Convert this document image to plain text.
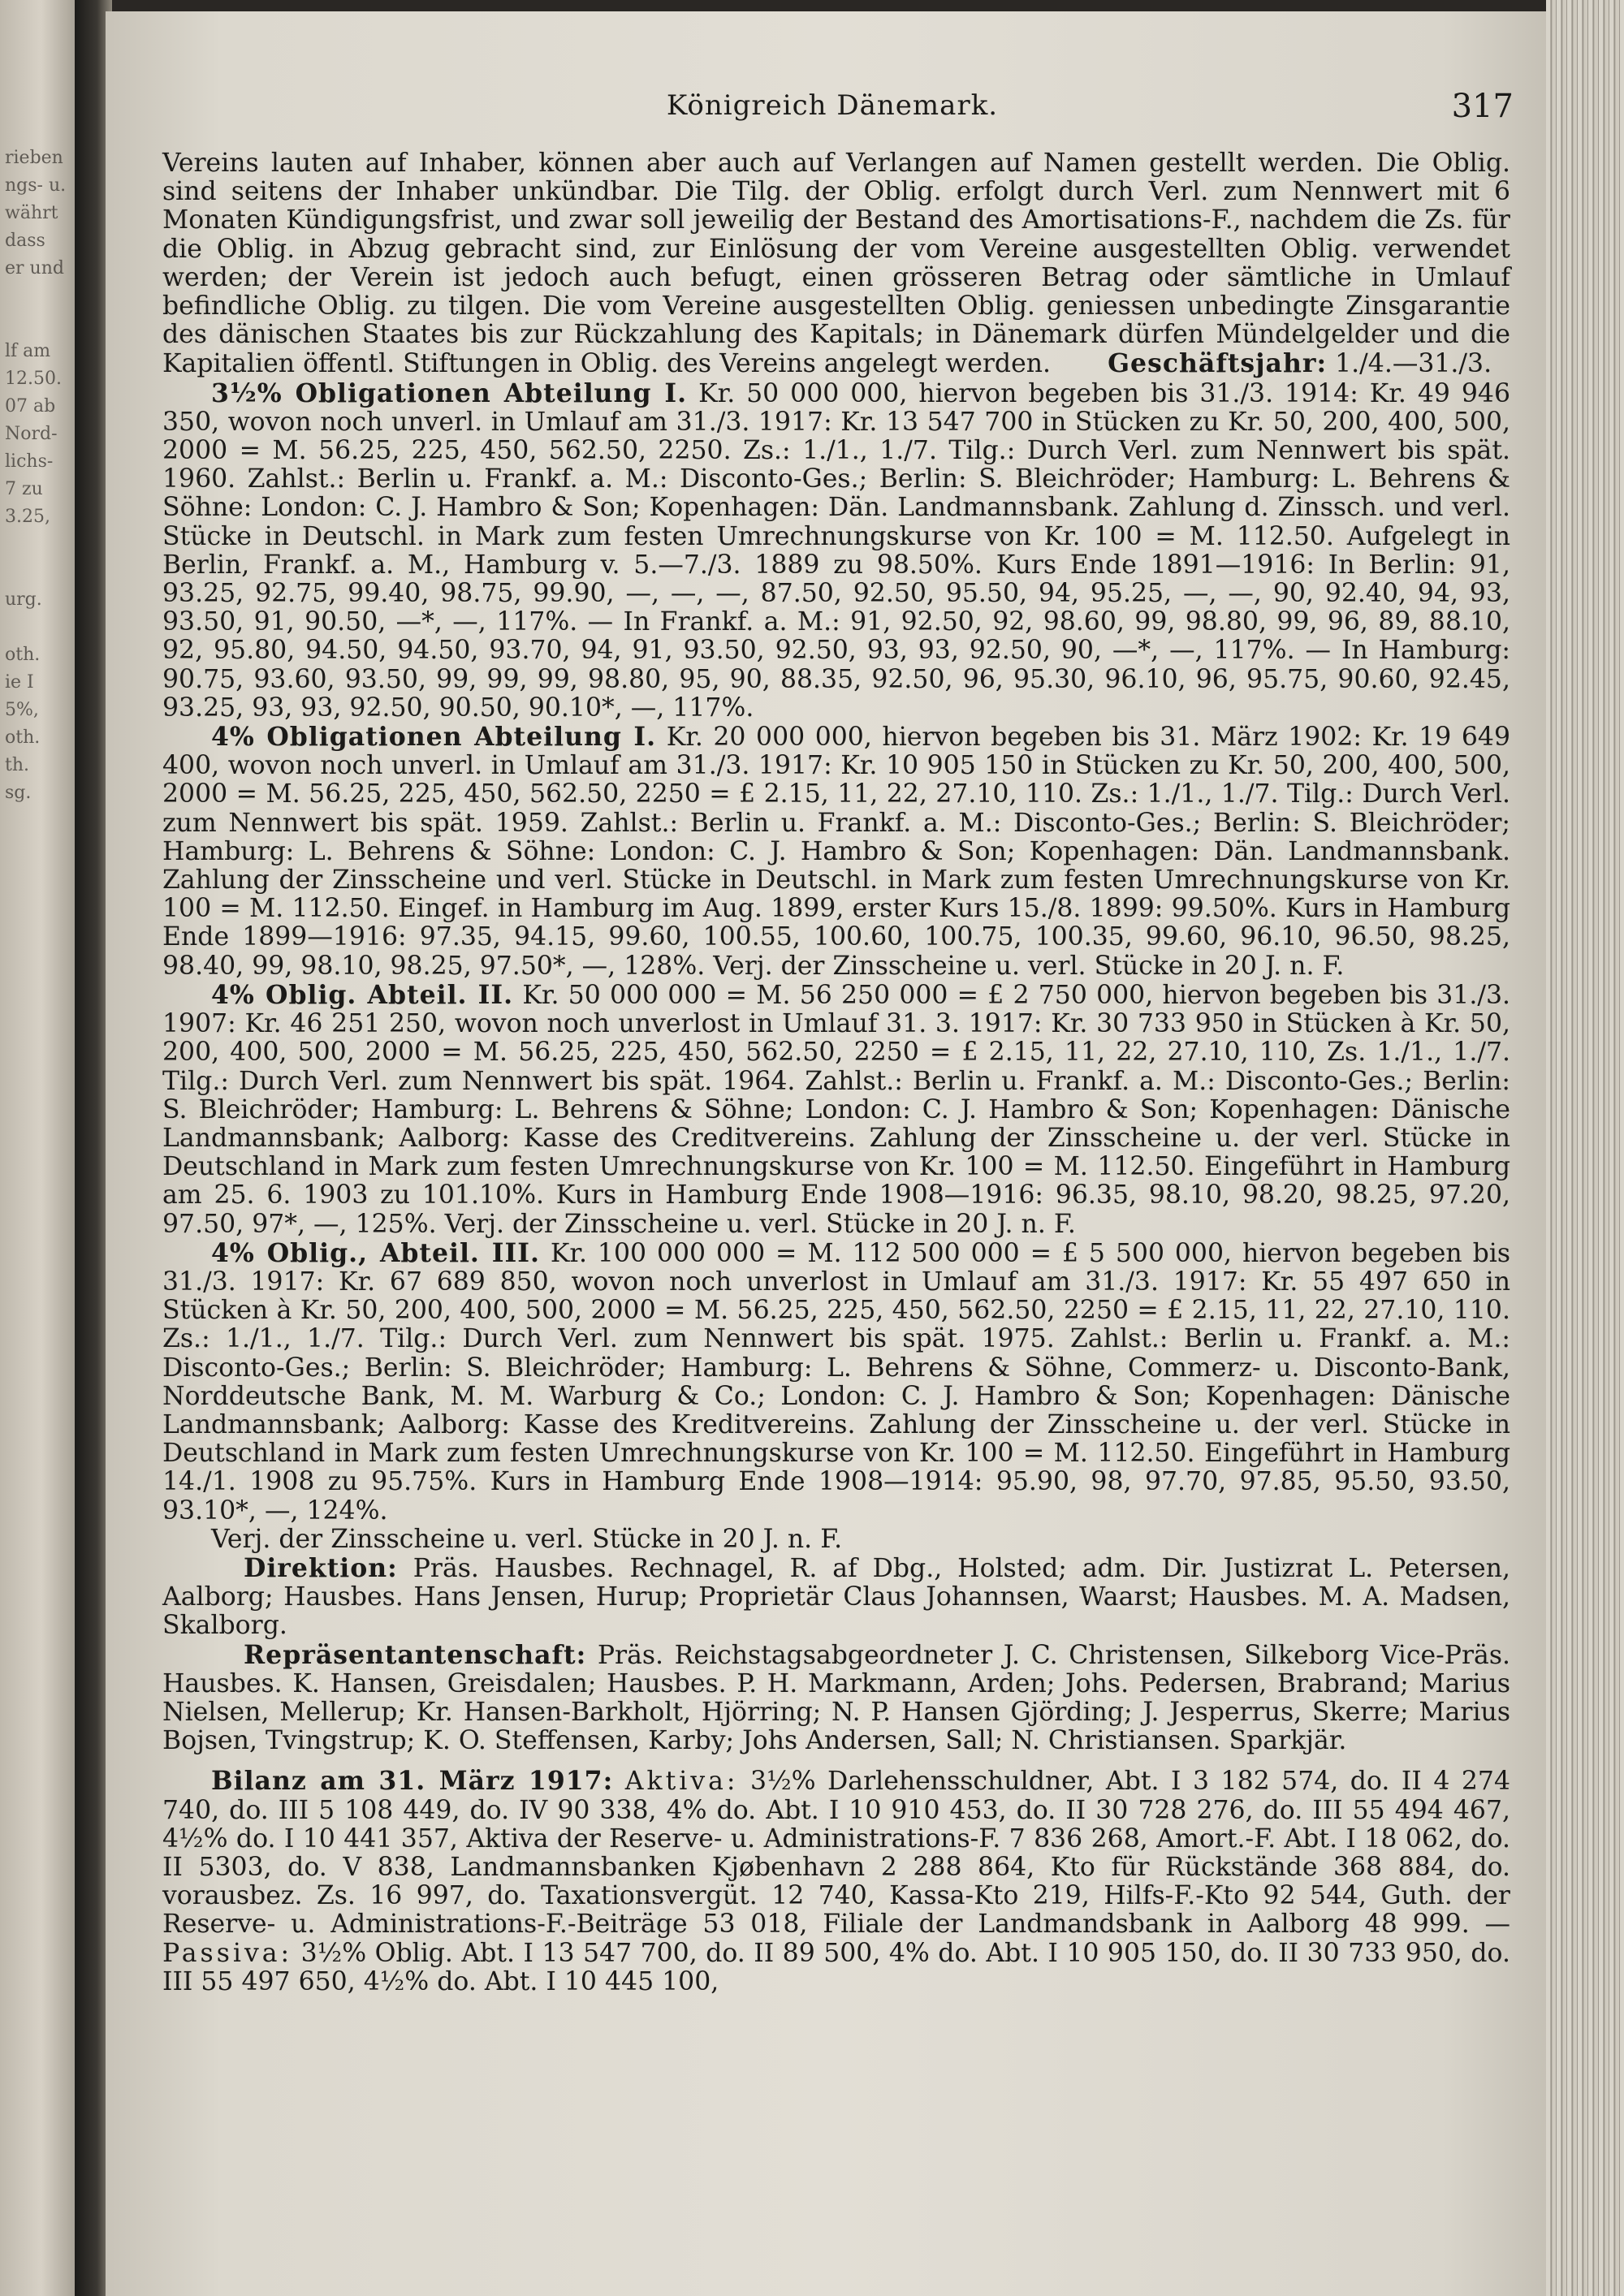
rieben
ngs- u.
währt
dass
er und

lf am
12.50.
07 ab
Nord-
lichs-
7 zu
3.25,

urg.

oth.
ie I
5%,
oth.
th.
sg.
Königreich Dänemark.	317

Vereins lauten auf Inhaber, können aber auch auf Verlangen auf Namen gestellt werden. Die Oblig. sind seitens der Inhaber unkündbar. Die Tilg. der Oblig. erfolgt durch Verl. zum Nennwert mit 6 Monaten Kündigungsfrist, und zwar soll jeweilig der Bestand des Amortisations-F., nachdem die Zs. für die Oblig. in Abzug gebracht sind, zur Einlösung der vom Vereine ausgestellten Oblig. verwendet werden; der Verein ist jedoch auch befugt, einen grösseren Betrag oder sämtliche in Umlauf befindliche Oblig. zu tilgen. Die vom Vereine ausgestellten Oblig. geniessen unbedingte Zinsgarantie des dänischen Staates bis zur Rückzahlung des Kapitals; in Dänemark dürfen Mündelgelder und die Kapitalien öffentl. Stiftungen in Oblig. des Vereins angelegt werden. Geschäftsjahr: 1./4.—31./3.

3½% Obligationen Abteilung I. Kr. 50 000 000, hiervon begeben bis 31./3. 1914: Kr. 49 946 350, wovon noch unverl. in Umlauf am 31./3. 1917: Kr. 13 547 700 in Stücken zu Kr. 50, 200, 400, 500, 2000 = M. 56.25, 225, 450, 562.50, 2250. Zs.: 1./1., 1./7. Tilg.: Durch Verl. zum Nennwert bis spät. 1960. Zahlst.: Berlin u. Frankf. a. M.: Disconto-Ges.; Berlin: S. Bleichröder; Hamburg: L. Behrens & Söhne: London: C. J. Hambro & Son; Kopenhagen: Dän. Landmannsbank. Zahlung d. Zinssch. und verl. Stücke in Deutschl. in Mark zum festen Umrechnungskurse von Kr. 100 = M. 112.50. Aufgelegt in Berlin, Frankf. a. M., Hamburg v. 5.—7./3. 1889 zu 98.50%. Kurs Ende 1891—1916: In Berlin: 91, 93.25, 92.75, 99.40, 98.75, 99.90, —, —, —, 87.50, 92.50, 95.50, 94, 95.25, —, —, 90, 92.40, 94, 93, 93.50, 91, 90.50, —*, —, 117%. — In Frankf. a. M.: 91, 92.50, 92, 98.60, 99, 98.80, 99, 96, 89, 88.10, 92, 95.80, 94.50, 94.50, 93.70, 94, 91, 93.50, 92.50, 93, 93, 92.50, 90, —*, —, 117%. — In Hamburg: 90.75, 93.60, 93.50, 99, 99, 99, 98.80, 95, 90, 88.35, 92.50, 96, 95.30, 96.10, 96, 95.75, 90.60, 92.45, 93.25, 93, 93, 92.50, 90.50, 90.10*, —, 117%.

4% Obligationen Abteilung I. Kr. 20 000 000, hiervon begeben bis 31. März 1902: Kr. 19 649 400, wovon noch unverl. in Umlauf am 31./3. 1917: Kr. 10 905 150 in Stücken zu Kr. 50, 200, 400, 500, 2000 = M. 56.25, 225, 450, 562.50, 2250 = £ 2.15, 11, 22, 27.10, 110. Zs.: 1./1., 1./7. Tilg.: Durch Verl. zum Nennwert bis spät. 1959. Zahlst.: Berlin u. Frankf. a. M.: Disconto-Ges.; Berlin: S. Bleichröder; Hamburg: L. Behrens & Söhne: London: C. J. Hambro & Son; Kopenhagen: Dän. Landmannsbank. Zahlung der Zinsscheine und verl. Stücke in Deutschl. in Mark zum festen Umrechnungskurse von Kr. 100 = M. 112.50. Eingef. in Hamburg im Aug. 1899, erster Kurs 15./8. 1899: 99.50%. Kurs in Hamburg Ende 1899—1916: 97.35, 94.15, 99.60, 100.55, 100.60, 100.75, 100.35, 99.60, 96.10, 96.50, 98.25, 98.40, 99, 98.10, 98.25, 97.50*, —, 128%. Verj. der Zinsscheine u. verl. Stücke in 20 J. n. F.

4% Oblig. Abteil. II. Kr. 50 000 000 = M. 56 250 000 = £ 2 750 000, hiervon begeben bis 31./3. 1907: Kr. 46 251 250, wovon noch unverlost in Umlauf 31. 3. 1917: Kr. 30 733 950 in Stücken à Kr. 50, 200, 400, 500, 2000 = M. 56.25, 225, 450, 562.50, 2250 = £ 2.15, 11, 22, 27.10, 110, Zs. 1./1., 1./7. Tilg.: Durch Verl. zum Nennwert bis spät. 1964. Zahlst.: Berlin u. Frankf. a. M.: Disconto-Ges.; Berlin: S. Bleichröder; Hamburg: L. Behrens & Söhne; London: C. J. Hambro & Son; Kopenhagen: Dänische Landmannsbank; Aalborg: Kasse des Creditvereins. Zahlung der Zinsscheine u. der verl. Stücke in Deutschland in Mark zum festen Umrechnungskurse von Kr. 100 = M. 112.50. Eingeführt in Hamburg am 25. 6. 1903 zu 101.10%. Kurs in Hamburg Ende 1908—1916: 96.35, 98.10, 98.20, 98.25, 97.20, 97.50, 97*, —, 125%. Verj. der Zinsscheine u. verl. Stücke in 20 J. n. F.

4% Oblig., Abteil. III. Kr. 100 000 000 = M. 112 500 000 = £ 5 500 000, hiervon begeben bis 31./3. 1917: Kr. 67 689 850, wovon noch unverlost in Umlauf am 31./3. 1917: Kr. 55 497 650 in Stücken à Kr. 50, 200, 400, 500, 2000 = M. 56.25, 225, 450, 562.50, 2250 = £ 2.15, 11, 22, 27.10, 110. Zs.: 1./1., 1./7. Tilg.: Durch Verl. zum Nennwert bis spät. 1975. Zahlst.: Berlin u. Frankf. a. M.: Disconto-Ges.; Berlin: S. Bleichröder; Hamburg: L. Behrens & Söhne, Commerz- u. Disconto-Bank, Norddeutsche Bank, M. M. Warburg & Co.; London: C. J. Hambro & Son; Kopenhagen: Dänische Landmannsbank; Aalborg: Kasse des Kreditvereins. Zahlung der Zinsscheine u. der verl. Stücke in Deutschland in Mark zum festen Umrechnungskurse von Kr. 100 = M. 112.50. Eingeführt in Hamburg 14./1. 1908 zu 95.75%. Kurs in Hamburg Ende 1908—1914: 95.90, 98, 97.70, 97.85, 95.50, 93.50, 93.10*, —, 124%.

Verj. der Zinsscheine u. verl. Stücke in 20 J. n. F.

Direktion: Präs. Hausbes. Rechnagel, R. af Dbg., Holsted; adm. Dir. Justizrat L. Petersen, Aalborg; Hausbes. Hans Jensen, Hurup; Proprietär Claus Johannsen, Waarst; Hausbes. M. A. Madsen, Skalborg.

Repräsentantenschaft: Präs. Reichstagsabgeordneter J. C. Christensen, Silkeborg Vice-Präs. Hausbes. K. Hansen, Greisdalen; Hausbes. P. H. Markmann, Arden; Johs. Pedersen, Brabrand; Marius Nielsen, Mellerup; Kr. Hansen-Barkholt, Hjörring; N. P. Hansen Gjörding; J. Jesperrus, Skerre; Marius Bojsen, Tvingstrup; K. O. Steffensen, Karby; Johs Andersen, Sall; N. Christiansen. Sparkjär.

Bilanz am 31. März 1917: Aktiva: 3½% Darlehensschuldner, Abt. I 3 182 574, do. II 4 274 740, do. III 5 108 449, do. IV 90 338, 4% do. Abt. I 10 910 453, do. II 30 728 276, do. III 55 494 467, 4½% do. I 10 441 357, Aktiva der Reserve- u. Administrations-F. 7 836 268, Amort.-F. Abt. I 18 062, do. II 5303, do. V 838, Landmannsbanken Kjøbenhavn 2 288 864, Kto für Rückstände 368 884, do. vorausbez. Zs. 16 997, do. Taxationsvergüt. 12 740, Kassa-Kto 219, Hilfs-F.-Kto 92 544, Guth. der Reserve- u. Administrations-F.-Beiträge 53 018, Filiale der Landmandsbank in Aalborg 48 999. — Passiva: 3½% Oblig. Abt. I 13 547 700, do. II 89 500, 4% do. Abt. I 10 905 150, do. II 30 733 950, do. III 55 497 650, 4½% do. Abt. I 10 445 100,
